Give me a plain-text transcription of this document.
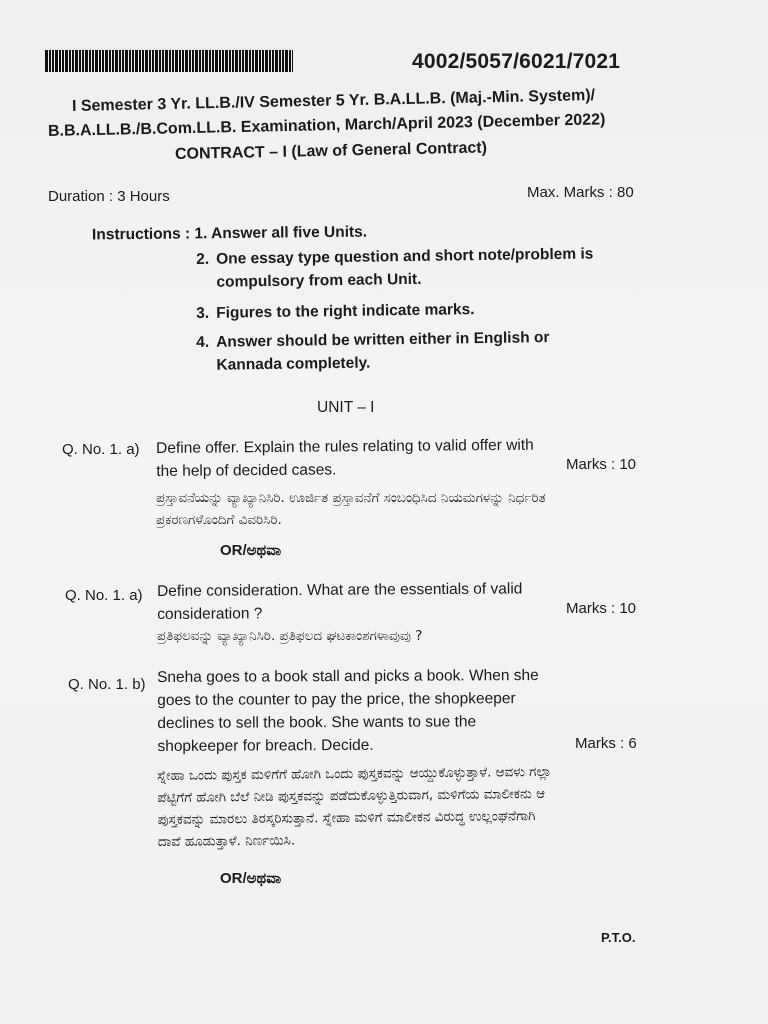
4002/5057/6021/7021
I Semester 3 Yr. LL.B./IV Semester 5 Yr. B.A.LL.B. (Maj.-Min. System)/
B.B.A.LL.B./B.Com.LL.B. Examination, March/April 2023 (December 2022)
CONTRACT – I (Law of General Contract)
Duration : 3 Hours	Max. Marks : 80
Instructions : 1. Answer all five Units.
2. One essay type question and short note/problem is compulsory from each Unit.
3. Figures to the right indicate marks.
4. Answer should be written either in English or Kannada completely.
UNIT – I
Q. No. 1. a) Define offer. Explain the rules relating to valid offer with the help of decided cases.	Marks : 10
ಪ್ರಸ್ತಾವನೆಯನ್ನು ವ್ಯಾಖ್ಯಾನಿಸಿರಿ. ಊರ್ಜಿತ ಪ್ರಸ್ತಾವನೆಗೆ ಸಂಬಂಧಿಸಿದ ನಿಯಮಗಳನ್ನು ನಿರ್ಧರಿತ ಪ್ರಕರಣಗಳೊಂದಿಗೆ ವಿವರಿಸಿರಿ.
OR/ಅಥವಾ
Q. No. 1. a) Define consideration. What are the essentials of valid consideration ?	Marks : 10
ಪ್ರತಿಫಲವನ್ನು ವ್ಯಾಖ್ಯಾನಿಸಿರಿ. ಪ್ರತಿಫಲದ ಘಟಕಾಂಶಗಳಾವುವು ?
Q. No. 1. b) Sneha goes to a book stall and picks a book. When she goes to the counter to pay the price, the shopkeeper declines to sell the book. She wants to sue the shopkeeper for breach. Decide.	Marks : 6
ಸ್ನೇಹಾ ಒಂದು ಪುಸ್ತಕ ಮಳಿಗೆಗೆ ಹೋಗಿ ಒಂದು ಪುಸ್ತಕವನ್ನು ಆಯ್ದುಕೊಳ್ಳುತ್ತಾಳೆ. ಆವಳು ಗಲ್ಲಾ ಪೆಟ್ಟಿಗೆಗೆ ಹೋಗಿ ಬೆಲೆ ನೀಡಿ ಪುಸ್ತಕವನ್ನು ಪಡೆದುಕೊಳ್ಳುತ್ತಿರುವಾಗ, ಮಳಿಗೆಯ ಮಾಲೀಕನು ಆ ಪುಸ್ತಕವನ್ನು ಮಾರಲು ತಿರಸ್ಕರಿಸುತ್ತಾನೆ. ಸ್ನೇಹಾ ಮಳಿಗೆ ಮಾಲೀಕನ ವಿರುದ್ಧ ಉಲ್ಲಂಘನೆಗಾಗಿ ದಾವೆ ಹೂಡುತ್ತಾಳೆ. ನಿರ್ಣಯಿಸಿ.
OR/ಅಥವಾ
P.T.O.
